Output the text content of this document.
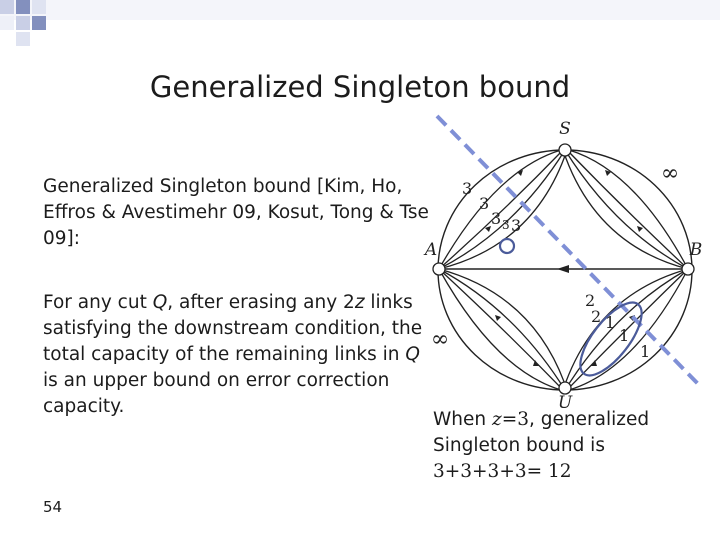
Generalized Singleton bound

Generalized Singleton bound [Kim, Ho, Effros & Avestimehr 09, Kosut, Tong & Tse 09]:

For any cut Q, after erasing any 2z links satisfying the downstream condition, the total capacity of the remaining links in Q is an upper bound on error correction capacity.

54
When z=3, generalized
Singleton bound is
3+3+3+3= 12
S
A	B
U
∞
∞
3
3
3 3
3
2
2 1
1
1
